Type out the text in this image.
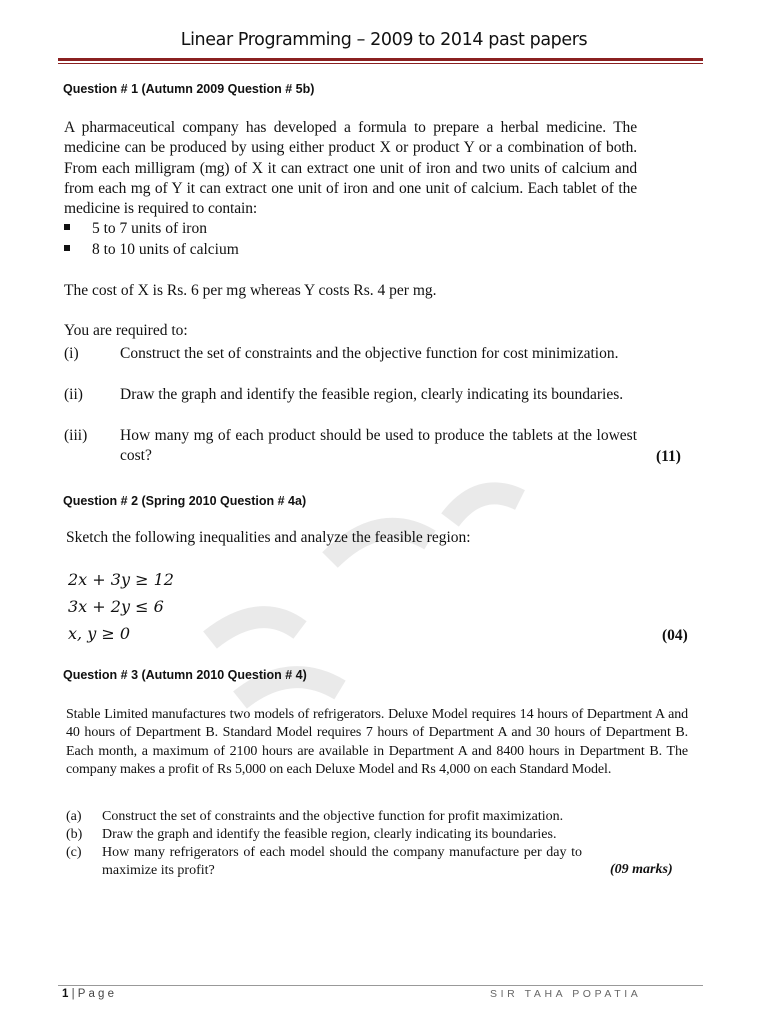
Linear Programming – 2009 to 2014 past papers
Question # 1 (Autumn 2009 Question # 5b)

A pharmaceutical company has developed a formula to prepare a herbal medicine. The medicine can be produced by using either product X or product Y or a combination of both. From each milligram (mg) of X it can extract one unit of iron and two units of calcium and from each mg of Y it can extract one unit of iron and one unit of calcium. Each tablet of the medicine is required to contain:

5 to 7 units of iron
8 to 10 units of calcium
The cost of X is Rs. 6 per mg whereas Y costs Rs. 4 per mg.
You are required to:
(i)	Construct the set of constraints and the objective function for cost minimization.
(ii) Draw the graph and identify the feasible region, clearly indicating its boundaries.
(iii) How many mg of each product should be used to produce the tablets at the lowest cost?	(11)
Question # 2 (Spring 2010 Question # 4a)
Sketch the following inequalities and analyze the feasible region:
2x + 3y ≥ 12
3x + 2y ≤ 6
x, y ≥ 0	(04)
Question # 3 (Autumn 2010 Question # 4)
Stable Limited manufactures two models of refrigerators. Deluxe Model requires 14 hours of Department A and 40 hours of Department B. Standard Model requires 7 hours of Department A and 30 hours of Department B. Each month, a maximum of 2100 hours are available in Department A and 8400 hours in Department B. The company makes a profit of Rs 5,000 on each Deluxe Model and Rs 4,000 on each Standard Model.
(a) Construct the set of constraints and the objective function for profit maximization.
(b) Draw the graph and identify the feasible region, clearly indicating its boundaries.
(c) How many refrigerators of each model should the company manufacture per day to maximize its profit?	(09 marks)
1 | P a g e	SIR TAHA POPATIA
